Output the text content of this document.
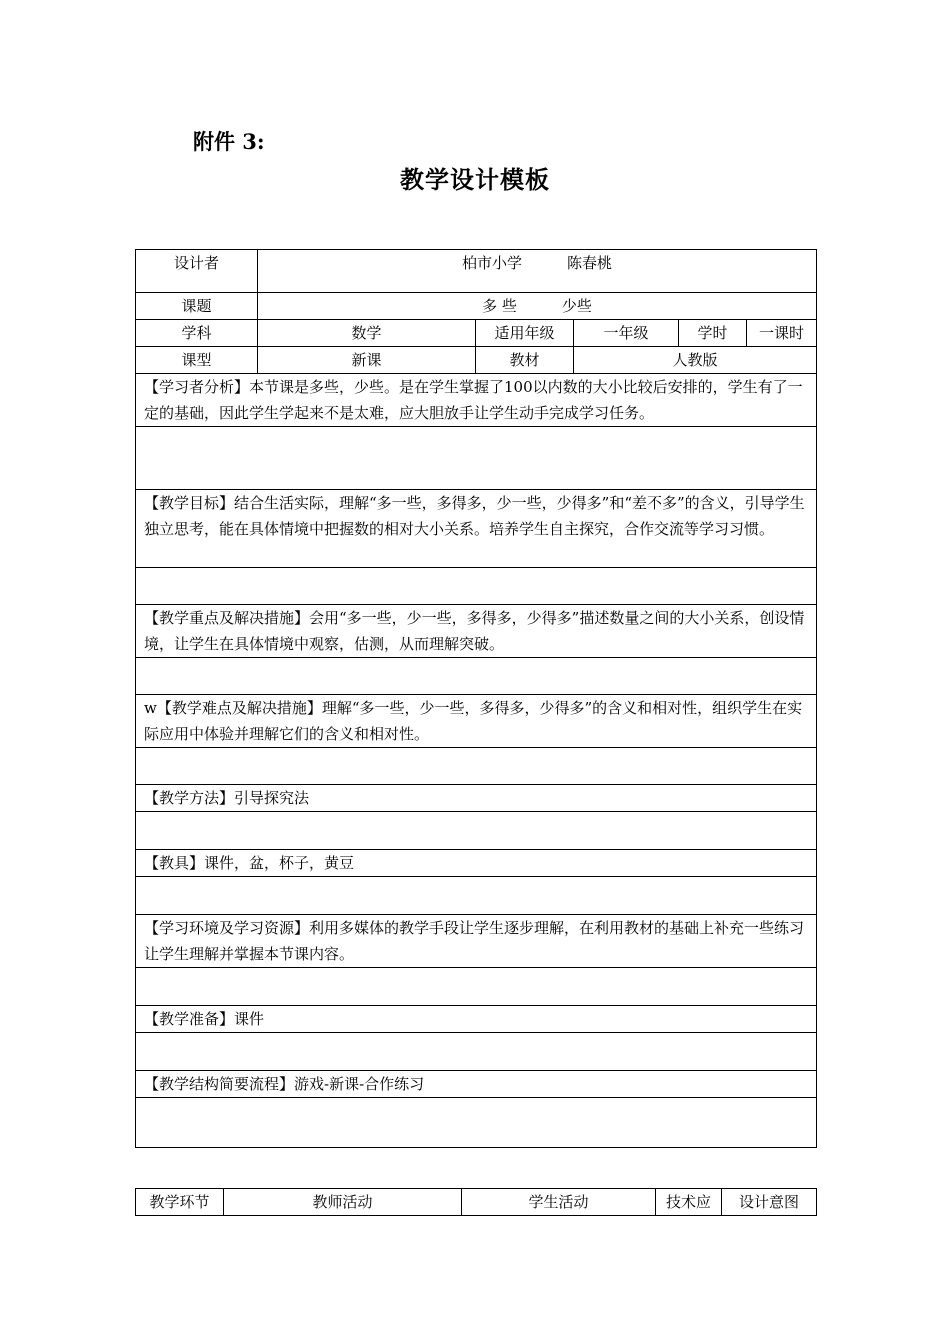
附件 3:
教学设计模板
设计者	柏市小学　　　陈春桃				
课题	多 些　　　少些				
学科	数学	适用年级	一年级	学时	一课时
课型	新课	教材	人教版		
【学习者分析】本节课是多些，少些。是在学生掌握了100以内数的大小比较后安排的，学生有了一定的基础，因此学生学起来不是太难，应大胆放手让学生动手完成学习任务。					

【教学目标】结合生活实际，理解“多一些，多得多，少一些，少得多”和“差不多”的含义，引导学生独立思考，能在具体情境中把握数的相对大小关系。培养学生自主探究，合作交流等学习习惯。					

【教学重点及解决措施】会用“多一些，少一些，多得多，少得多”描述数量之间的大小关系，创设情境，让学生在具体情境中观察，估测，从而理解突破。					

w【教学难点及解决措施】理解“多一些，少一些，多得多，少得多”的含义和相对性，组织学生在实际应用中体验并理解它们的含义和相对性。					

【教学方法】引导探究法					

【教具】课件，盆，杯子，黄豆					

【学习环境及学习资源】利用多媒体的教学手段让学生逐步理解，在利用教材的基础上补充一些练习让学生理解并掌握本节课内容。					

【教学准备】课件					

【教学结构简要流程】游戏-新课-合作练习					

教学环节	教师活动	学生活动	技术应	设计意图
